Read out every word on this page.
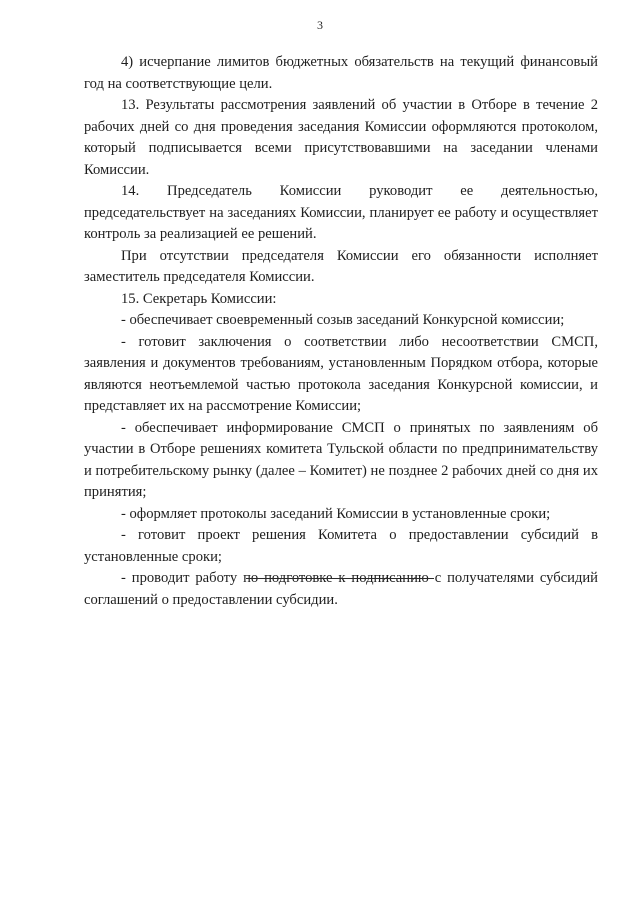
3

4) исчерпание лимитов бюджетных обязательств на текущий финансовый год на соответствующие цели.

13. Результаты рассмотрения заявлений об участии в Отборе в течение 2 рабочих дней со дня проведения заседания Комиссии оформляются протоколом, который подписывается всеми присутствовавшими на заседании членами Комиссии.

14. Председатель Комиссии руководит ее деятельностью, председательствует на заседаниях Комиссии, планирует ее работу и осуществляет контроль за реализацией ее решений.

При отсутствии председателя Комиссии его обязанности исполняет заместитель председателя Комиссии.

15. Секретарь Комиссии:

- обеспечивает своевременный созыв заседаний Конкурсной комиссии;

- готовит заключения о соответствии либо несоответствии СМСП, заявления и документов требованиям, установленным Порядком отбора, которые являются неотъемлемой частью протокола заседания Конкурсной комиссии, и представляет их на рассмотрение Комиссии;

- обеспечивает информирование СМСП о принятых по заявлениям об участии в Отборе решениях комитета Тульской области по предпринимательству и потребительскому рынку (далее – Комитет) не позднее 2 рабочих дней со дня их принятия;

- оформляет протоколы заседаний Комиссии в установленные сроки;

- готовит проект решения Комитета о предоставлении субсидий в установленные сроки;

- проводит работу по подготовке к подписанию с получателями субсидий соглашений о предоставлении субсидии.
